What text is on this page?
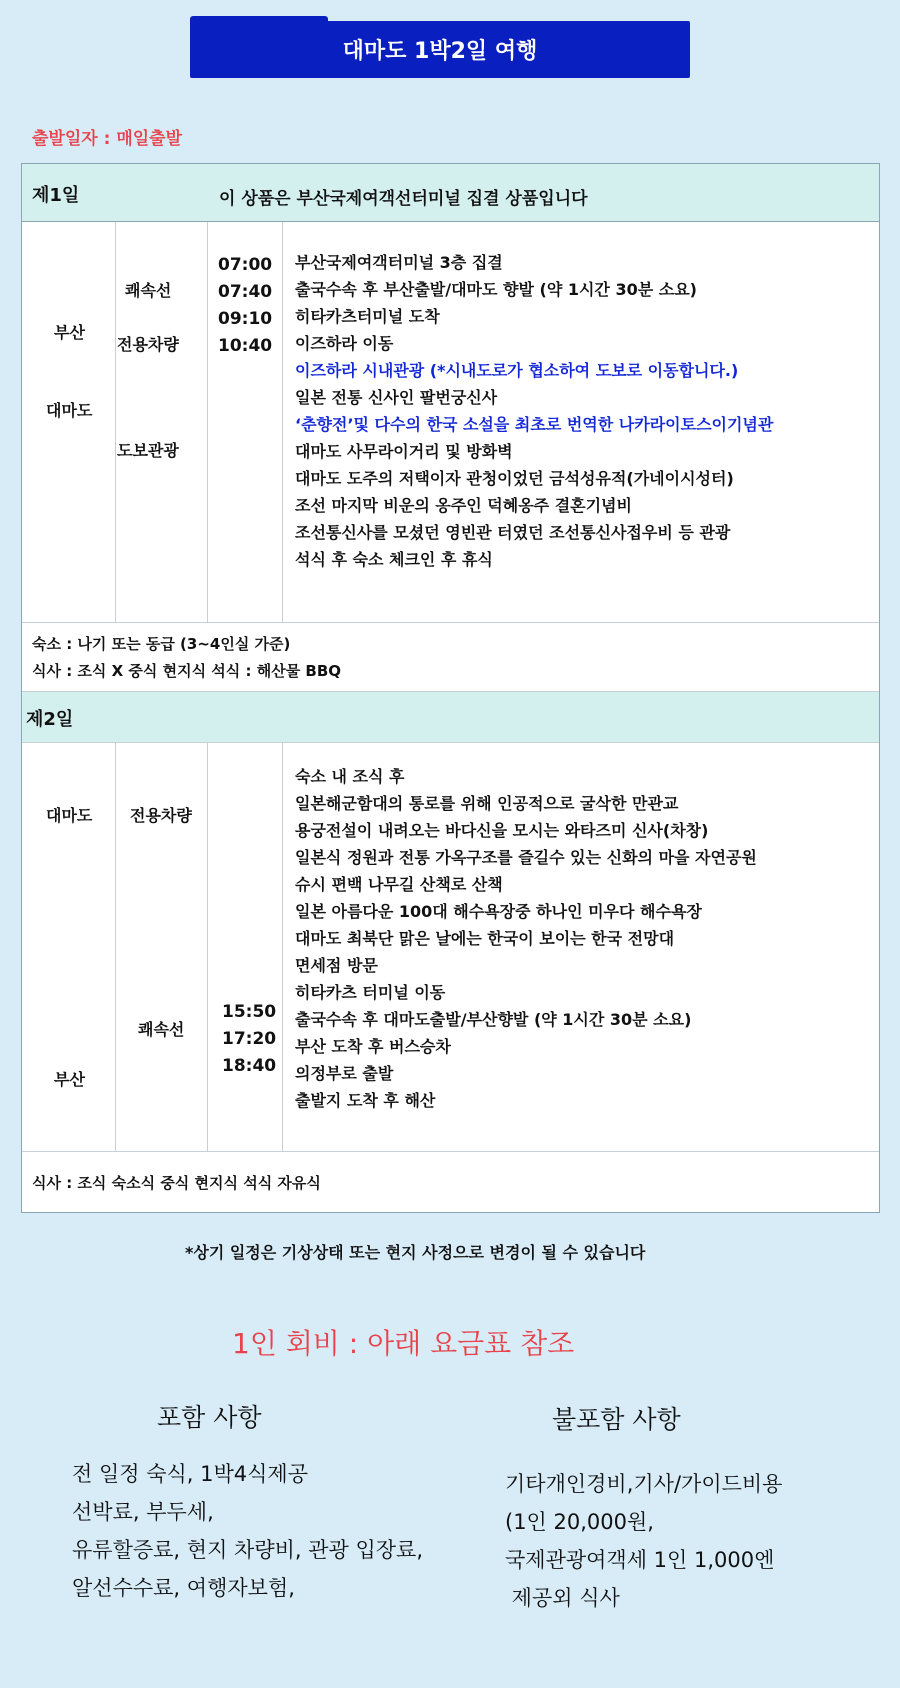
대마도 1박2일 여행
출발일자 : 매일출발
제1일	이 상품은 부산국제여객선터미널 집결 상품입니다
부산
대마도
쾌속선
전용차량
도보관광
07:00
07:40
09:10
10:40
부산국제여객터미널 3층 집결
출국수속 후 부산출발/대마도 향발 (약 1시간 30분 소요)
히타카츠터미널 도착
이즈하라 이동
이즈하라 시내관광 (*시내도로가 협소하여 도보로 이동합니다.)
일본 전통 신사인 팔번궁신사
‘춘향전’및 다수의 한국 소설을 최초로 번역한 나카라이토스이기념관
대마도 사무라이거리 및 방화벽
대마도 도주의 저택이자 관청이었던 금석성유적(가네이시성터)
조선 마지막 비운의 옹주인 덕혜옹주 결혼기념비
조선통신사를 모셨던 영빈관 터였던 조선통신사접우비 등 관광
석식 후 숙소 체크인 후 휴식
숙소 : 나기 또는 동급 (3~4인실 가준)
식사 : 조식 X 중식 현지식 석식 : 해산물 BBQ
제2일
대마도
부산
전용차량
쾌속선
15:50
17:20
18:40
숙소 내 조식 후
일본해군함대의 통로를 위해 인공적으로 굴삭한 만관교
용궁전설이 내려오는 바다신을 모시는 와타즈미 신사(차창)
일본식 정원과 전통 가옥구조를 즐길수 있는 신화의 마을 자연공원
슈시 편백 나무길 산책로 산책
일본 아름다운 100대 해수욕장중 하나인 미우다 해수욕장
대마도 최북단 맑은 날에는 한국이 보이는 한국 전망대
면세점 방문
히타카츠 터미널 이동
출국수속 후 대마도출발/부산향발 (약 1시간 30분 소요)
부산 도착 후 버스승차
의정부로 출발
출발지 도착 후 해산
식사 : 조식 숙소식 중식 현지식 석식 자유식
*상기 일정은 기상상태 또는 현지 사정으로 변경이 될 수 있습니다
1인 회비 : 아래 요금표 참조
포함 사항	불포함 사항
전 일정 숙식, 1박4식제공
선박료, 부두세,
유류할증료, 현지 차량비, 관광 입장료,
알선수수료, 여행자보험,
기타개인경비,기사/가이드비용
(1인 20,000원,
국제관광여객세 1인 1,000엔
제공외 식사
